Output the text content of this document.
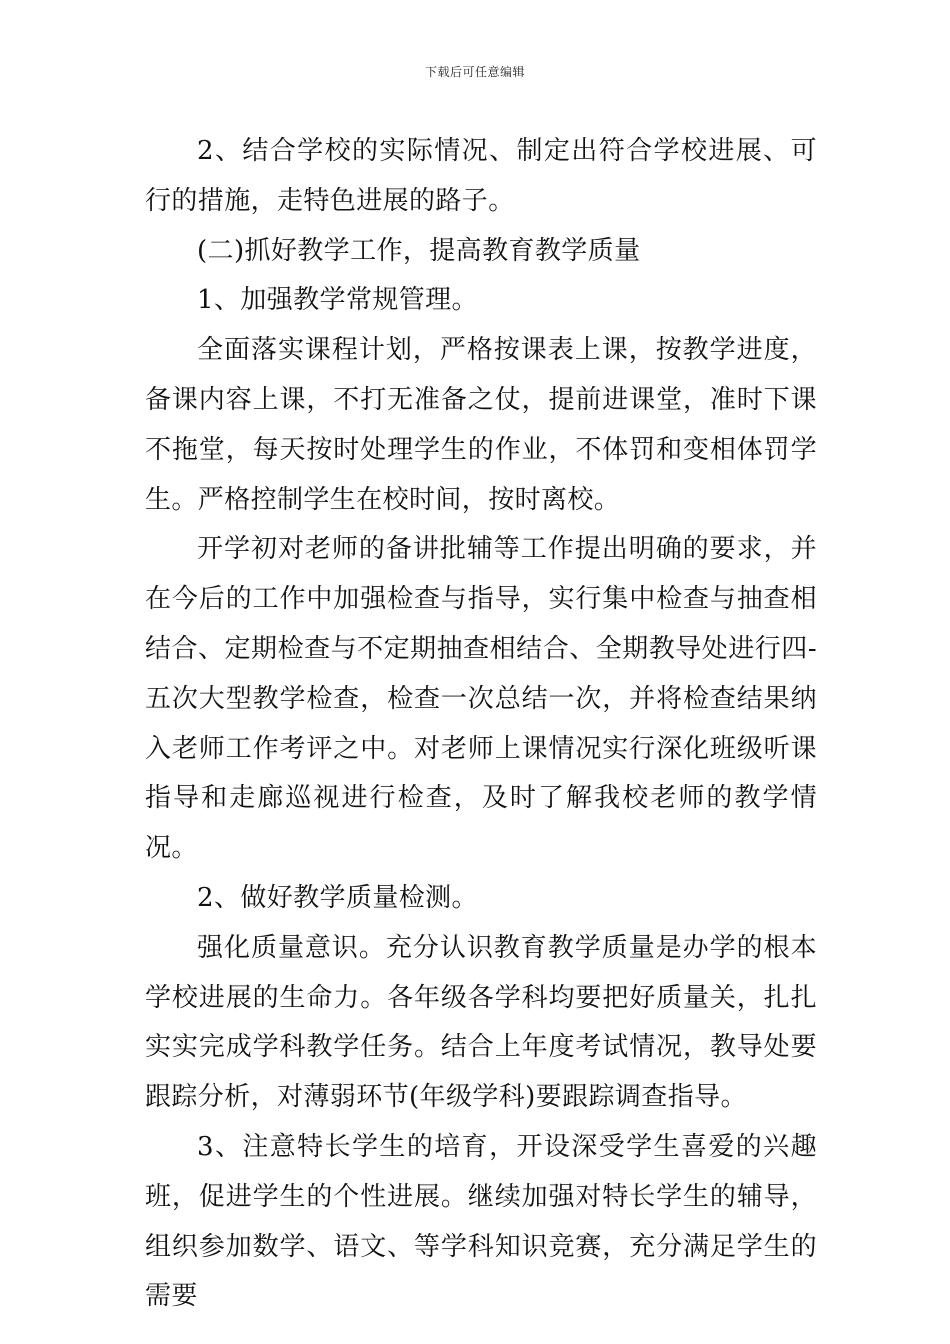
下载后可任意编辑

2、结合学校的实际情况、制定出符合学校进展、可行的措施，走特色进展的路子。

(二)抓好教学工作，提高教育教学质量

1、加强教学常规管理。

全面落实课程计划，严格按课表上课，按教学进度，备课内容上课，不打无准备之仗，提前进课堂，准时下课不拖堂，每天按时处理学生的作业，不体罚和变相体罚学生。严格控制学生在校时间，按时离校。

开学初对老师的备讲批辅等工作提出明确的要求，并在今后的工作中加强检查与指导，实行集中检查与抽查相结合、定期检查与不定期抽查相结合、全期教导处进行四-五次大型教学检查，检查一次总结一次，并将检查结果纳入老师工作考评之中。对老师上课情况实行深化班级听课指导和走廊巡视进行检查，及时了解我校老师的教学情况。

2、做好教学质量检测。

强化质量意识。充分认识教育教学质量是办学的根本学校进展的生命力。各年级各学科均要把好质量关，扎扎实实完成学科教学任务。结合上年度考试情况，教导处要跟踪分析，对薄弱环节(年级学科)要跟踪调查指导。

3、注意特长学生的培育，开设深受学生喜爱的兴趣班，促进学生的个性进展。继续加强对特长学生的辅导，组织参加数学、语文、等学科知识竞赛，充分满足学生的需要
